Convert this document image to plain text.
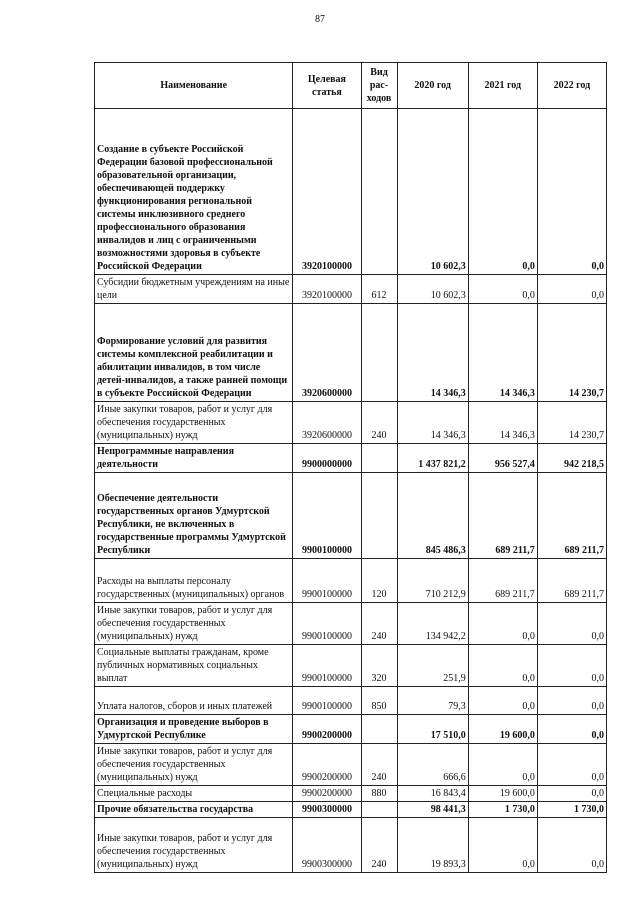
87
Наименование	Целевая статья	Вид рас-ходов	2020 год	2021 год	2022 год
Создание в субъекте Российской Федерации базовой профессиональной образовательной организации, обеспечивающей поддержку функционирования региональной системы инклюзивного среднего профессионального образования инвалидов и лиц с ограниченными возможностями здоровья в субъекте Российской Федерации	3920100000		10 602,3	0,0	0,0
Субсидии бюджетным учреждениям на иные цели	3920100000	612	10 602,3	0,0	0,0
Формирование условий для развития системы комплексной реабилитации и абилитации инвалидов, в том числе детей-инвалидов, а также ранней помощи в субъекте Российской Федерации	3920600000		14 346,3	14 346,3	14 230,7
Иные закупки товаров, работ и услуг для обеспечения государственных (муниципальных) нужд	3920600000	240	14 346,3	14 346,3	14 230,7
Непрограммные направления деятельности	9900000000		1 437 821,2	956 527,4	942 218,5
Обеспечение деятельности государственных органов Удмуртской Республики, не включенных в государственные программы Удмуртской Республики	9900100000		845 486,3	689 211,7	689 211,7
Расходы на выплаты персоналу государственных (муниципальных) органов	9900100000	120	710 212,9	689 211,7	689 211,7
Иные закупки товаров, работ и услуг для обеспечения государственных (муниципальных) нужд	9900100000	240	134 942,2	0,0	0,0
Социальные выплаты гражданам, кроме публичных нормативных социальных выплат	9900100000	320	251,9	0,0	0,0
Уплата налогов, сборов и иных платежей	9900100000	850	79,3	0,0	0,0
Организация и проведение выборов в Удмуртской Республике	9900200000		17 510,0	19 600,0	0,0
Иные закупки товаров, работ и услуг для обеспечения государственных (муниципальных) нужд	9900200000	240	666,6	0,0	0,0
Специальные расходы	9900200000	880	16 843,4	19 600,0	0,0
Прочие обязательства государства	9900300000		98 441,3	1 730,0	1 730,0
Иные закупки товаров, работ и услуг для обеспечения государственных (муниципальных) нужд	9900300000	240	19 893,3	0,0	0,0
